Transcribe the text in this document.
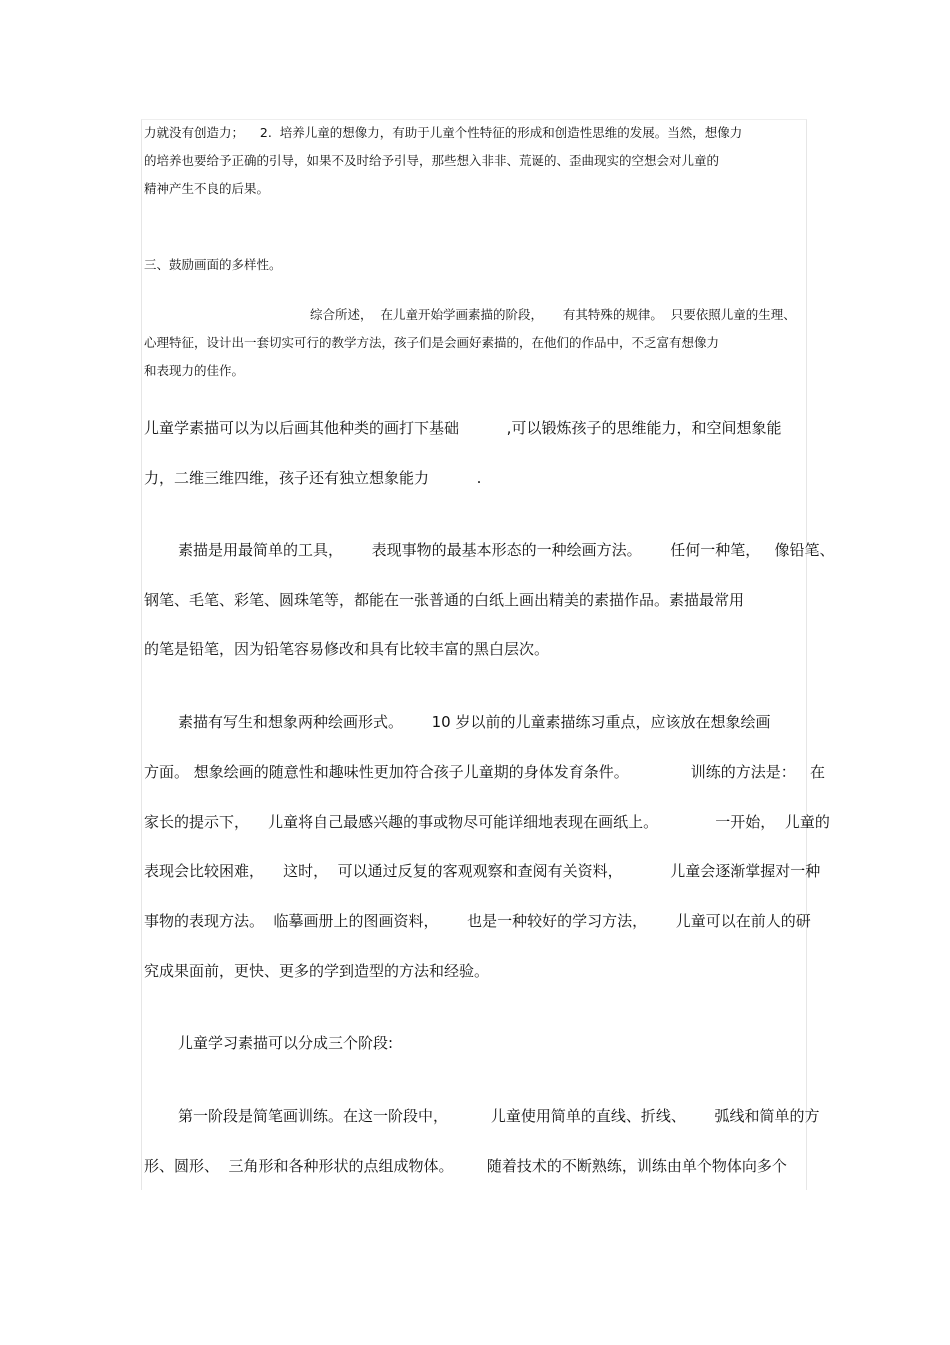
力就没有创造力；    2.  培养儿童的想像力，有助于儿童个性特征的形成和创造性思维的发展。当然，想像力
的培养也要给予正确的引导，如果不及时给予引导，那些想入非非、荒诞的、歪曲现实的空想会对儿童的
精神产生不良的后果。
三、鼓励画面的多样性。
综合所述，  在儿童开始学画素描的阶段，     有其特殊的规律。  只要依照儿童的生理、
心理特征，设计出一套切实可行的教学方法，孩子们是会画好素描的，在他们的作品中，不乏富有想像力
和表现力的佳作。
儿童学素描可以为以后画其他种类的画打下基础          ,可以锻炼孩子的思维能力，和空间想象能
力，二维三维四维，孩子还有独立想象能力          .
素描是用最简单的工具，      表现事物的最基本形态的一种绘画方法。      任何一种笔，   像铅笔、
钢笔、毛笔、彩笔、圆珠笔等，都能在一张普通的白纸上画出精美的素描作品。素描最常用
的笔是铅笔，因为铅笔容易修改和具有比较丰富的黑白层次。
素描有写生和想象两种绘画形式。      10 岁以前的儿童素描练习重点，应该放在想象绘画
方面。 想象绘画的随意性和趣味性更加符合孩子儿童期的身体发育条件。             训练的方法是：   在
家长的提示下，    儿童将自己最感兴趣的事或物尽可能详细地表现在画纸上。            一开始，  儿童的
表现会比较困难，    这时，  可以通过反复的客观观察和查阅有关资料，          儿童会逐渐掌握对一种
事物的表现方法。  临摹画册上的图画资料，      也是一种较好的学习方法，      儿童可以在前人的研
究成果面前，更快、更多的学到造型的方法和经验。
儿童学习素描可以分成三个阶段:
第一阶段是简笔画训练。在这一阶段中，         儿童使用简单的直线、折线、      弧线和简单的方
形、圆形、  三角形和各种形状的点组成物体。       随着技术的不断熟练，训练由单个物体向多个
